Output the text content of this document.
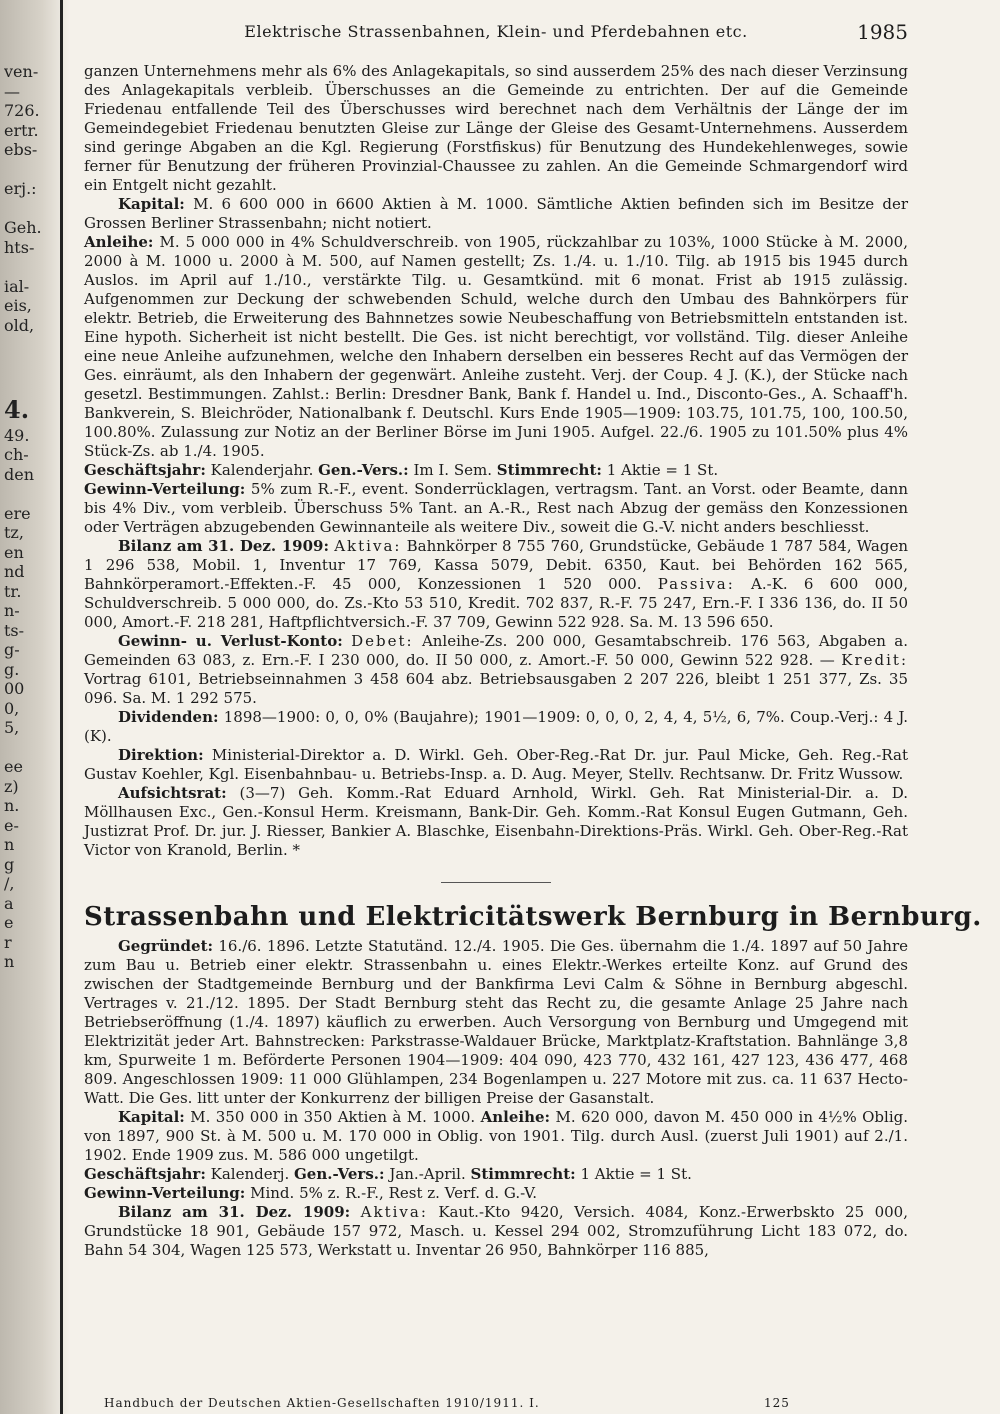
ven-
—
726.
ertr.
ebs-
erj.:
Geh.
hts-
ial-
eis,
old,
4.
49.
ch-
den
ere
tz,
en
nd
tr.
n-
ts-
g-
g.
00
0,
5,
ee
z)
n.
e-
n
g
/,
a
e
r
n
Elektrische Strassenbahnen, Klein- und Pferdebahnen etc.	1985

ganzen Unternehmens mehr als 6% des Anlagekapitals, so sind ausserdem 25% des nach dieser Verzinsung des Anlagekapitals verbleib. Überschusses an die Gemeinde zu entrichten. Der auf die Gemeinde Friedenau entfallende Teil des Überschusses wird berechnet nach dem Verhältnis der Länge der im Gemeindegebiet Friedenau benutzten Gleise zur Länge der Gleise des Gesamt-Unternehmens. Ausserdem sind geringe Abgaben an die Kgl. Regierung (Forstfiskus) für Benutzung des Hundekehlenweges, sowie ferner für Benutzung der früheren Provinzial-Chaussee zu zahlen. An die Gemeinde Schmargendorf wird ein Entgelt nicht gezahlt.

Kapital: M. 6 600 000 in 6600 Aktien à M. 1000. Sämtliche Aktien befinden sich im Besitze der Grossen Berliner Strassenbahn; nicht notiert.

Anleihe: M. 5 000 000 in 4% Schuldverschreib. von 1905, rückzahlbar zu 103%, 1000 Stücke à M. 2000, 2000 à M. 1000 u. 2000 à M. 500, auf Namen gestellt; Zs. 1./4. u. 1./10. Tilg. ab 1915 bis 1945 durch Auslos. im April auf 1./10., verstärkte Tilg. u. Gesamtkünd. mit 6 monat. Frist ab 1915 zulässig. Aufgenommen zur Deckung der schwebenden Schuld, welche durch den Umbau des Bahnkörpers für elektr. Betrieb, die Erweiterung des Bahnnetzes sowie Neubeschaffung von Betriebsmitteln entstanden ist. Eine hypoth. Sicherheit ist nicht bestellt. Die Ges. ist nicht berechtigt, vor vollständ. Tilg. dieser Anleihe eine neue Anleihe aufzunehmen, welche den Inhabern derselben ein besseres Recht auf das Vermögen der Ges. einräumt, als den Inhabern der gegenwärt. Anleihe zusteht. Verj. der Coup. 4 J. (K.), der Stücke nach gesetzl. Bestimmungen. Zahlst.: Berlin: Dresdner Bank, Bank f. Handel u. Ind., Disconto-Ges., A. Schaaff'h. Bankverein, S. Bleichröder, Nationalbank f. Deutschl. Kurs Ende 1905—1909: 103.75, 101.75, 100, 100.50, 100.80%. Zulassung zur Notiz an der Berliner Börse im Juni 1905. Aufgel. 22./6. 1905 zu 101.50% plus 4% Stück-Zs. ab 1./4. 1905.

Geschäftsjahr: Kalenderjahr. Gen.-Vers.: Im I. Sem. Stimmrecht: 1 Aktie = 1 St.

Gewinn-Verteilung: 5% zum R.-F., event. Sonderrücklagen, vertragsm. Tant. an Vorst. oder Beamte, dann bis 4% Div., vom verbleib. Überschuss 5% Tant. an A.-R., Rest nach Abzug der gemäss den Konzessionen oder Verträgen abzugebenden Gewinnanteile als weitere Div., soweit die G.-V. nicht anders beschliesst.

Bilanz am 31. Dez. 1909: Aktiva: Bahnkörper 8 755 760, Grundstücke, Gebäude 1 787 584, Wagen 1 296 538, Mobil. 1, Inventur 17 769, Kassa 5079, Debit. 6350, Kaut. bei Behörden 162 565, Bahnkörperamort.-Effekten.-F. 45 000, Konzessionen 1 520 000. Passiva: A.-K. 6 600 000, Schuldverschreib. 5 000 000, do. Zs.-Kto 53 510, Kredit. 702 837, R.-F. 75 247, Ern.-F. I 336 136, do. II 50 000, Amort.-F. 218 281, Haftpflichtversich.-F. 37 709, Gewinn 522 928. Sa. M. 13 596 650.

Gewinn- u. Verlust-Konto: Debet: Anleihe-Zs. 200 000, Gesamtabschreib. 176 563, Abgaben a. Gemeinden 63 083, z. Ern.-F. I 230 000, do. II 50 000, z. Amort.-F. 50 000, Gewinn 522 928. — Kredit: Vortrag 6101, Betriebseinnahmen 3 458 604 abz. Betriebsausgaben 2 207 226, bleibt 1 251 377, Zs. 35 096. Sa. M. 1 292 575.

Dividenden: 1898—1900: 0, 0, 0% (Baujahre); 1901—1909: 0, 0, 0, 2, 4, 4, 5½, 6, 7%. Coup.-Verj.: 4 J. (K).

Direktion: Ministerial-Direktor a. D. Wirkl. Geh. Ober-Reg.-Rat Dr. jur. Paul Micke, Geh. Reg.-Rat Gustav Koehler, Kgl. Eisenbahnbau- u. Betriebs-Insp. a. D. Aug. Meyer, Stellv. Rechtsanw. Dr. Fritz Wussow.

Aufsichtsrat: (3—7) Geh. Komm.-Rat Eduard Arnhold, Wirkl. Geh. Rat Ministerial-Dir. a. D. Möllhausen Exc., Gen.-Konsul Herm. Kreismann, Bank-Dir. Geh. Komm.-Rat Konsul Eugen Gutmann, Geh. Justizrat Prof. Dr. jur. J. Riesser, Bankier A. Blaschke, Eisenbahn-Direktions-Präs. Wirkl. Geh. Ober-Reg.-Rat Victor von Kranold, Berlin. *

Strassenbahn und Elektricitätswerk Bernburg in Bernburg.

Gegründet: 16./6. 1896. Letzte Statutänd. 12./4. 1905. Die Ges. übernahm die 1./4. 1897 auf 50 Jahre zum Bau u. Betrieb einer elektr. Strassenbahn u. eines Elektr.-Werkes erteilte Konz. auf Grund des zwischen der Stadtgemeinde Bernburg und der Bankfirma Levi Calm & Söhne in Bernburg abgeschl. Vertrages v. 21./12. 1895. Der Stadt Bernburg steht das Recht zu, die gesamte Anlage 25 Jahre nach Betriebseröffnung (1./4. 1897) käuflich zu erwerben. Auch Versorgung von Bernburg und Umgegend mit Elektrizität jeder Art. Bahnstrecken: Parkstrasse-Waldauer Brücke, Marktplatz-Kraftstation. Bahnlänge 3,8 km, Spurweite 1 m. Beförderte Personen 1904—1909: 404 090, 423 770, 432 161, 427 123, 436 477, 468 809. Angeschlossen 1909: 11 000 Glühlampen, 234 Bogenlampen u. 227 Motore mit zus. ca. 11 637 Hecto-Watt. Die Ges. litt unter der Konkurrenz der billigen Preise der Gasanstalt.

Kapital: M. 350 000 in 350 Aktien à M. 1000. Anleihe: M. 620 000, davon M. 450 000 in 4½% Oblig. von 1897, 900 St. à M. 500 u. M. 170 000 in Oblig. von 1901. Tilg. durch Ausl. (zuerst Juli 1901) auf 2./1. 1902. Ende 1909 zus. M. 586 000 ungetilgt.

Geschäftsjahr: Kalenderj. Gen.-Vers.: Jan.-April. Stimmrecht: 1 Aktie = 1 St.

Gewinn-Verteilung: Mind. 5% z. R.-F., Rest z. Verf. d. G.-V.

Bilanz am 31. Dez. 1909: Aktiva: Kaut.-Kto 9420, Versich. 4084, Konz.-Erwerbskto 25 000, Grundstücke 18 901, Gebäude 157 972, Masch. u. Kessel 294 002, Stromzuführung Licht 183 072, do. Bahn 54 304, Wagen 125 573, Werkstatt u. Inventar 26 950, Bahnkörper 116 885,

Handbuch der Deutschen Aktien-Gesellschaften 1910/1911. I.	125
